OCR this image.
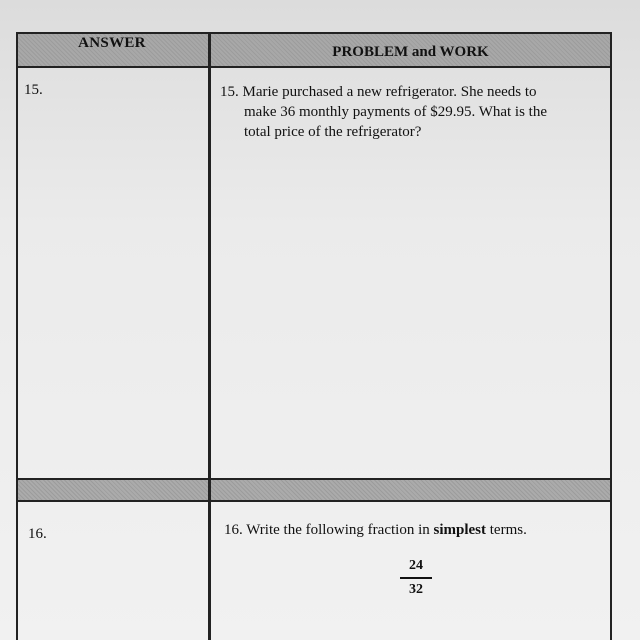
ANSWER
PROBLEM and WORK
15.	15. Marie purchased a new refrigerator. She needs to
make 36 monthly payments of $29.95. What is the
total price of the refrigerator?
16.	16. Write the following fraction in simplest terms.
24
32
